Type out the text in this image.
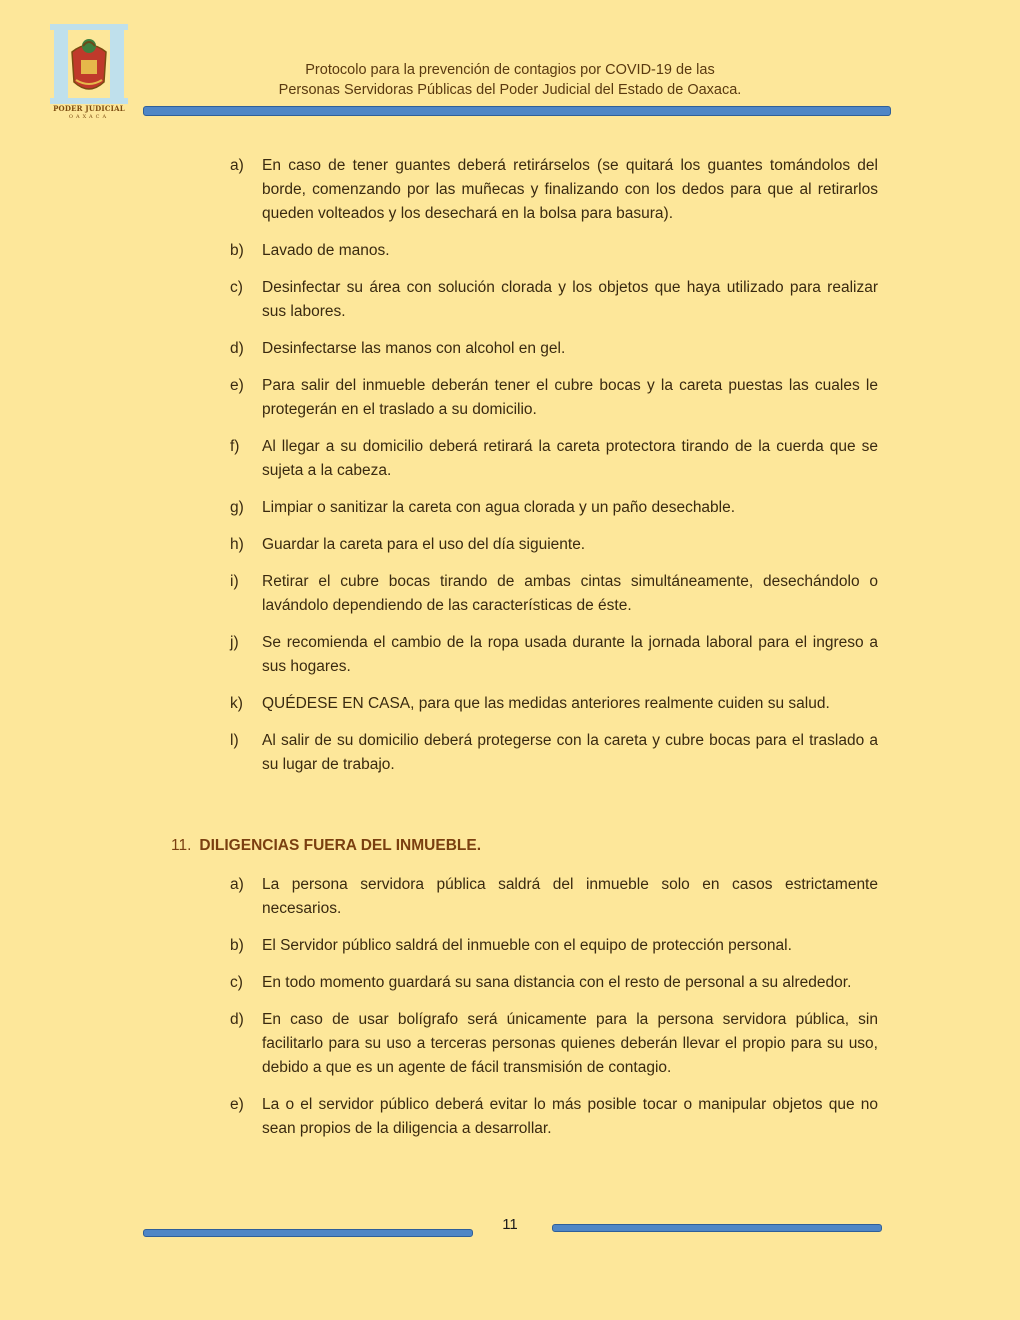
PODER JUDICIAL
OAXACA
Protocolo para la prevención de contagios por COVID-19 de las
Personas Servidoras Públicas del Poder Judicial del Estado de Oaxaca.
a)	En caso de tener guantes deberá retirárselos (se quitará los guantes tomándolos del borde, comenzando por las muñecas y finalizando con los dedos para que al retirarlos queden volteados y los desechará en la bolsa para basura).
b)	Lavado de manos.
c)	Desinfectar su área con solución clorada y los objetos que haya utilizado para realizar sus labores.
d)	Desinfectarse las manos con alcohol en gel.
e)	Para salir del inmueble deberán tener el cubre bocas y la careta puestas las cuales le protegerán en el traslado a su domicilio.
f)	Al llegar a su domicilio deberá retirará la careta protectora tirando de la cuerda que se sujeta a la cabeza.
g)	Limpiar o sanitizar la careta con agua clorada y un paño desechable.
h)	Guardar la careta para el uso del día siguiente.
i)	Retirar el cubre bocas tirando de ambas cintas simultáneamente, desechándolo o lavándolo dependiendo de las características de éste.
j)	Se recomienda el cambio de la ropa usada durante la jornada laboral para el ingreso a sus hogares.
k)	QUÉDESE EN CASA, para que las medidas anteriores realmente cuiden su salud.
l)	Al salir de su domicilio deberá protegerse con la careta y cubre bocas para el traslado a su lugar de trabajo.
11. DILIGENCIAS FUERA DEL INMUEBLE.
a)	La persona servidora pública saldrá del inmueble solo en casos estrictamente necesarios.
b)	El Servidor público saldrá del inmueble con el equipo de protección personal.
c)	En todo momento guardará su sana distancia con el resto de personal a su alrededor.
d)	En caso de usar bolígrafo será únicamente para la persona servidora pública, sin facilitarlo para su uso a terceras personas quienes deberán llevar el propio para su uso, debido a que es un agente de fácil transmisión de contagio.
e)	La o el servidor público deberá evitar lo más posible tocar o manipular objetos que no sean propios de la diligencia a desarrollar.
11
